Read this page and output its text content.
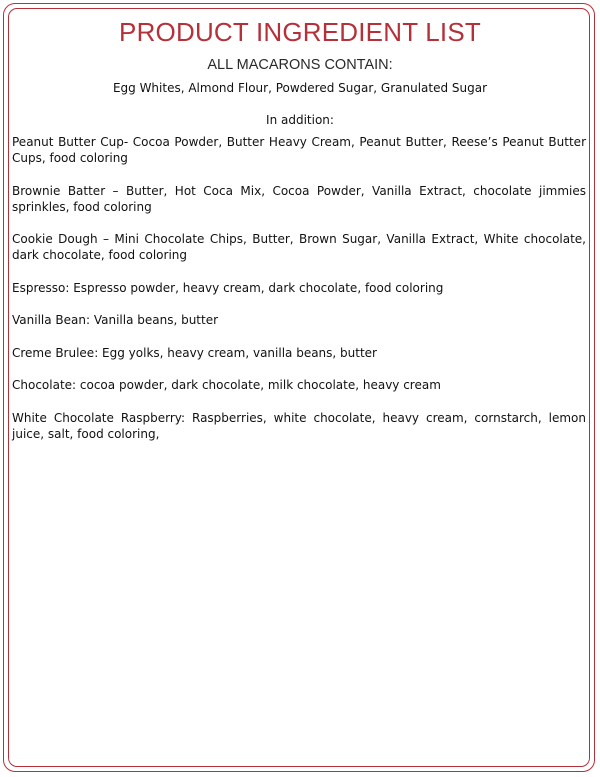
PRODUCT INGREDIENT LIST
ALL MACARONS CONTAIN:
Egg Whites, Almond Flour, Powdered Sugar, Granulated Sugar
In addition:
Peanut Butter Cup- Cocoa Powder, Butter Heavy Cream, Peanut Butter, Reese’s Peanut Butter Cups, food coloring
Brownie Batter – Butter, Hot Coca Mix, Cocoa Powder, Vanilla Extract, chocolate jimmies sprinkles, food coloring
Cookie Dough – Mini Chocolate Chips, Butter, Brown Sugar, Vanilla Extract, White chocolate, dark chocolate, food coloring
Espresso: Espresso powder, heavy cream, dark chocolate, food coloring
Vanilla Bean: Vanilla beans, butter
Creme Brulee: Egg yolks, heavy cream, vanilla beans, butter
Chocolate: cocoa powder, dark chocolate, milk chocolate, heavy cream
White Chocolate Raspberry: Raspberries, white chocolate, heavy cream, cornstarch, lemon juice, salt, food coloring,
